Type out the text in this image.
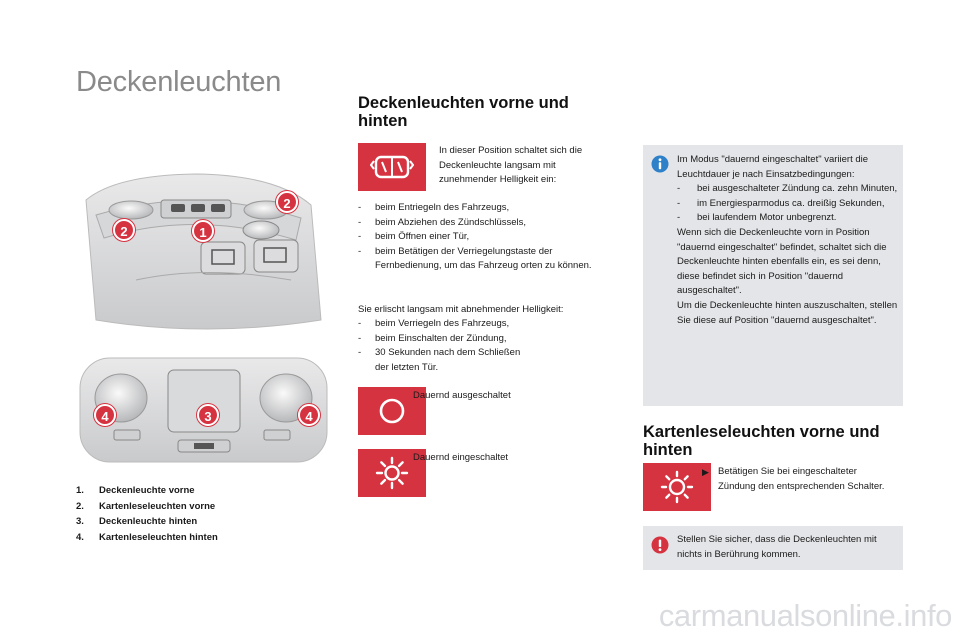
Deckenleuchten
2
1
2
4	3	4
1.	Deckenleuchte vorne
2.	Kartenleseleuchten vorne
3.	Deckenleuchte hinten
4.	Kartenleseleuchten hinten
Deckenleuchten vorne und
hinten
In dieser Position schaltet sich die Deckenleuchte langsam mit zunehmender Helligkeit ein:
-	beim Entriegeln des Fahrzeugs,
-	beim Abziehen des Zündschlüssels,
-	beim Öffnen einer Tür,
-	beim Betätigen der Verriegelungstaste der Fernbedienung, um das Fahrzeug orten zu können.
Sie erlischt langsam mit abnehmender Helligkeit:
-	beim Verriegeln des Fahrzeugs,
-	beim Einschalten der Zündung,
-	30 Sekunden nach dem Schließen der letzten Tür.
Dauernd ausgeschaltet
Dauernd eingeschaltet
Im Modus "dauernd eingeschaltet" variiert die Leuchtdauer je nach Einsatzbedingungen:
-	bei ausgeschalteter Zündung ca. zehn Minuten,
-	im Energiesparmodus ca. dreißig Sekunden,
-	bei laufendem Motor unbegrenzt.
Wenn sich die Deckenleuchte vorn in Position "dauernd eingeschaltet" befindet, schaltet sich die Deckenleuchte hinten ebenfalls ein, es sei denn, diese befindet sich in Position "dauernd ausgeschaltet".
Um die Deckenleuchte hinten auszuschalten, stellen Sie diese auf Position "dauernd ausgeschaltet".
Kartenleseleuchten vorne und
hinten
▶ Betätigen Sie bei eingeschalteter Zündung den entsprechenden Schalter.
Stellen Sie sicher, dass die Deckenleuchten mit nichts in Berührung kommen.
carmanualsonline.info
